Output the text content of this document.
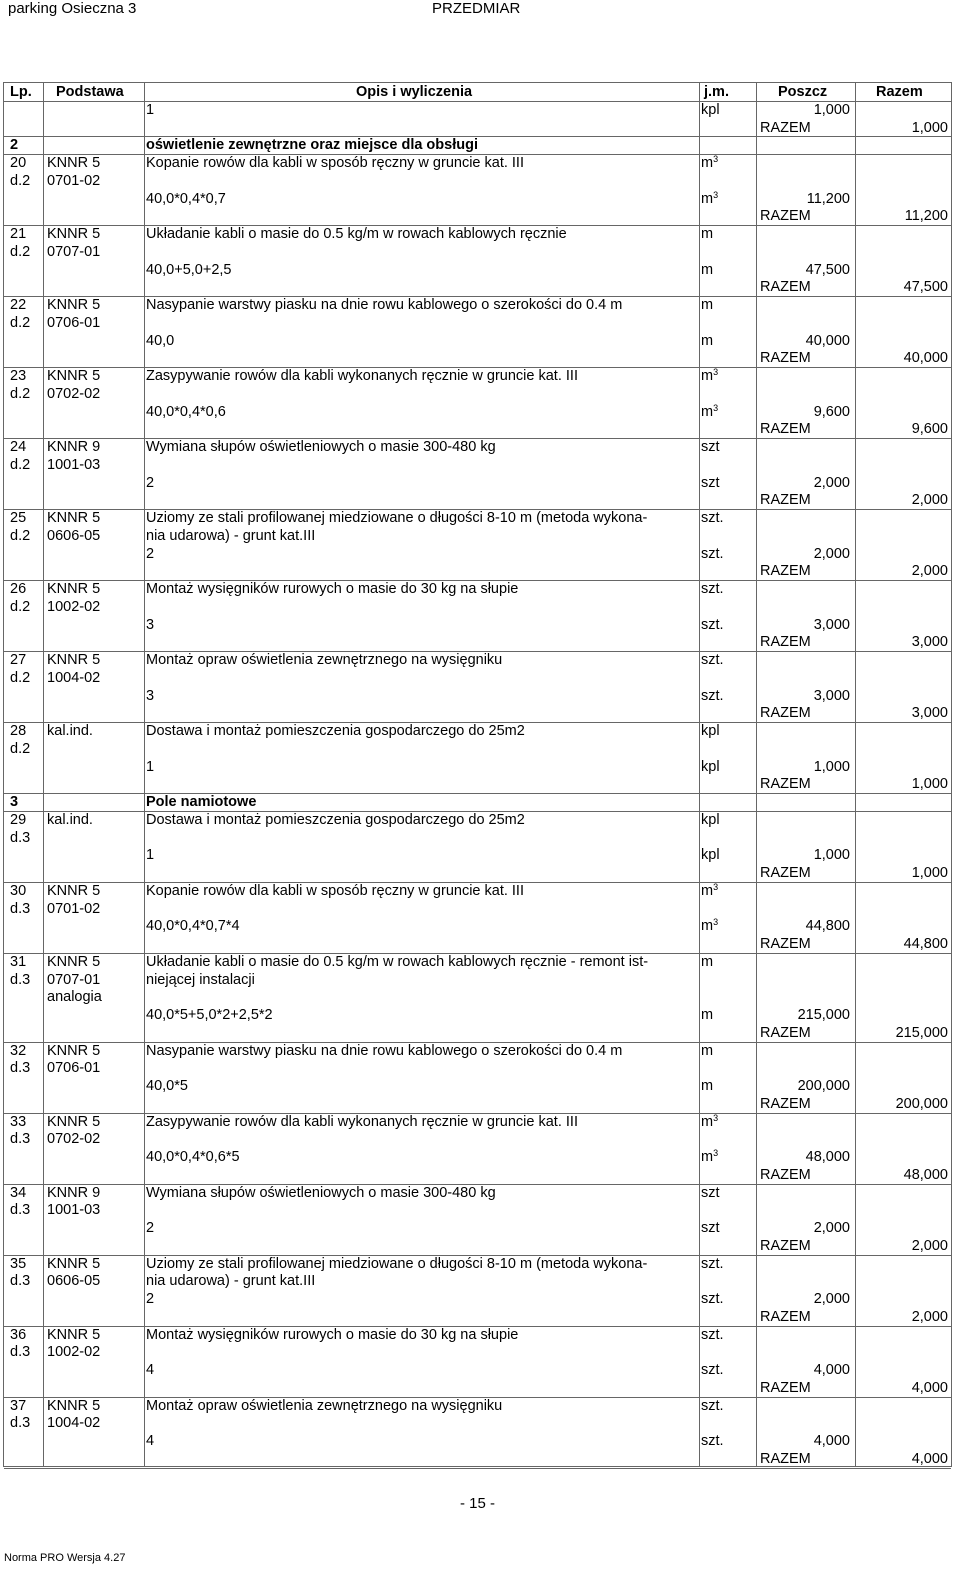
parking Osieczna 3	PRZEDMIAR
Lp. Podstawa	Opis i wyliczenia	j.m.	Poszcz	Razem
1	kpl	1,000
RAZEM	1,000
2	oświetlenie zewnętrzne oraz miejsce dla obsługi
20 KNNR 5	Kopanie rowów dla kabli w sposób ręczny w gruncie kat. III	$m^3$
d.2 0701-02
40,0*0,4*0,7	$m^3$	11,200
RAZEM	11,200
21 KNNR 5	Układanie kabli o masie do 0.5 kg/m w rowach kablowych ręcznie	m
d.2 0707-01
40,0+5,0+2,5	m	47,500
RAZEM	47,500
22 KNNR 5	Nasypanie warstwy piasku na dnie rowu kablowego o szerokości do 0.4 m	m
d.2 0706-01
40,0	m	40,000
RAZEM	40,000
23 KNNR 5	Zasypywanie rowów dla kabli wykonanych ręcznie w gruncie kat. III	$m^3$
d.2 0702-02
40,0*0,4*0,6	$m^3$	9,600
RAZEM	9,600
24 KNNR 9	Wymiana słupów oświetleniowych o masie 300-480 kg	szt
d.2 1001-03
2	szt	2,000
RAZEM	2,000
25 KNNR 5	Uziomy ze stali profilowanej miedziowane o długości 8-10 m (metoda wykona-	szt.
d.2 0606-05	nia udarowa) - grunt kat.III
2	szt.	2,000
RAZEM	2,000
26 KNNR 5	Montaż wysięgników rurowych o masie do 30 kg na słupie	szt.
d.2 1002-02
3	szt.	3,000
RAZEM	3,000
27 KNNR 5	Montaż opraw oświetlenia zewnętrznego na wysięgniku	szt.
d.2 1004-02
3	szt.	3,000
RAZEM	3,000
28 kal.ind.	Dostawa i montaż pomieszczenia gospodarczego do 25m2	kpl
d.2
1	kpl	1,000
RAZEM	1,000
3	Pole namiotowe
29 kal.ind.	Dostawa i montaż pomieszczenia gospodarczego do 25m2	kpl
d.3
1	kpl	1,000
RAZEM	1,000
30 KNNR 5	Kopanie rowów dla kabli w sposób ręczny w gruncie kat. III	$m^3$
d.3 0701-02
40,0*0,4*0,7*4	$m^3$	44,800
RAZEM	44,800
31 KNNR 5	Układanie kabli o masie do 0.5 kg/m w rowach kablowych ręcznie - remont ist-	m
d.3 0707-01	niejącej instalacji
analogia
40,0*5+5,0*2+2,5*2	m	215,000
RAZEM	215,000
32 KNNR 5	Nasypanie warstwy piasku na dnie rowu kablowego o szerokości do 0.4 m	m
d.3 0706-01
40,0*5	m	200,000
RAZEM	200,000
33 KNNR 5	Zasypywanie rowów dla kabli wykonanych ręcznie w gruncie kat. III	$m^3$
d.3 0702-02
40,0*0,4*0,6*5	$m^3$	48,000
RAZEM	48,000
34 KNNR 9	Wymiana słupów oświetleniowych o masie 300-480 kg	szt
d.3 1001-03
2	szt	2,000
RAZEM	2,000
35 KNNR 5	Uziomy ze stali profilowanej miedziowane o długości 8-10 m (metoda wykona-	szt.
d.3 0606-05	nia udarowa) - grunt kat.III
2	szt.	2,000
RAZEM	2,000
36 KNNR 5	Montaż wysięgników rurowych o masie do 30 kg na słupie	szt.
d.3 1002-02
4	szt.	4,000
RAZEM	4,000
37 KNNR 5	Montaż opraw oświetlenia zewnętrznego na wysięgniku	szt.
d.3 1004-02
4	szt.	4,000
RAZEM	4,000
- 15 -
Norma PRO Wersja 4.27
